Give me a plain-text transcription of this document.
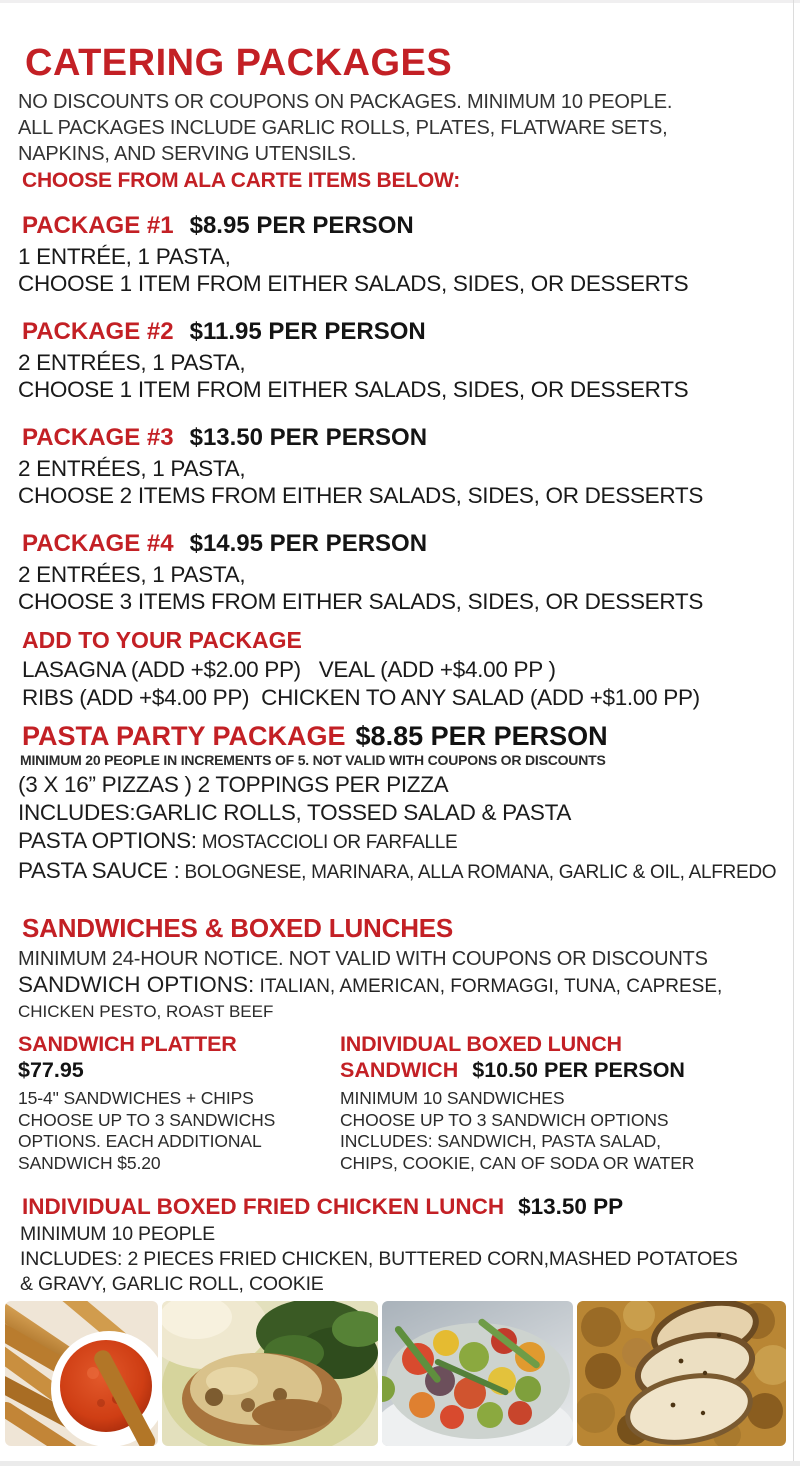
CATERING PACKAGES
NO DISCOUNTS OR COUPONS ON PACKAGES. MINIMUM 10 PEOPLE.
ALL PACKAGES INCLUDE GARLIC ROLLS, PLATES, FLATWARE SETS,
NAPKINS, AND SERVING UTENSILS.
CHOOSE FROM ALA CARTE ITEMS BELOW:
PACKAGE #1 $8.95 PER PERSON
1 ENTRÉE, 1 PASTA,
CHOOSE 1 ITEM FROM EITHER SALADS, SIDES, OR DESSERTS
PACKAGE #2 $11.95 PER PERSON
2 ENTRÉES, 1 PASTA,
CHOOSE 1 ITEM FROM EITHER SALADS, SIDES, OR DESSERTS
PACKAGE #3 $13.50 PER PERSON
2 ENTRÉES, 1 PASTA,
CHOOSE 2 ITEMS FROM EITHER SALADS, SIDES, OR DESSERTS
PACKAGE #4 $14.95 PER PERSON
2 ENTRÉES, 1 PASTA,
CHOOSE 3 ITEMS FROM EITHER SALADS, SIDES, OR DESSERTS
ADD TO YOUR PACKAGE
LASAGNA (ADD +$2.00 PP)   VEAL (ADD +$4.00 PP )
RIBS (ADD +$4.00 PP)  CHICKEN TO ANY SALAD (ADD +$1.00 PP)
PASTA PARTY PACKAGE $8.85 PER PERSON
MINIMUM 20 PEOPLE IN INCREMENTS OF 5. NOT VALID WITH COUPONS OR DISCOUNTS
(3 X 16” PIZZAS ) 2 TOPPINGS PER PIZZA
INCLUDES:GARLIC ROLLS, TOSSED SALAD & PASTA
PASTA OPTIONS: MOSTACCIOLI OR FARFALLE
PASTA SAUCE : BOLOGNESE, MARINARA, ALLA ROMANA, GARLIC & OIL, ALFREDO
SANDWICHES & BOXED LUNCHES
MINIMUM 24-HOUR NOTICE. NOT VALID WITH COUPONS OR DISCOUNTS
SANDWICH OPTIONS: ITALIAN, AMERICAN, FORMAGGI, TUNA, CAPRESE,
CHICKEN PESTO, ROAST BEEF
SANDWICH PLATTER
$77.95
15-4" SANDWICHES + CHIPS
CHOOSE UP TO 3 SANDWICHS
OPTIONS. EACH ADDITIONAL
SANDWICH $5.20
INDIVIDUAL BOXED LUNCH
SANDWICH $10.50 PER PERSON
MINIMUM 10 SANDWICHES
CHOOSE UP TO 3 SANDWICH OPTIONS
INCLUDES: SANDWICH, PASTA SALAD,
CHIPS, COOKIE, CAN OF SODA OR WATER
INDIVIDUAL BOXED FRIED CHICKEN LUNCH $13.50 PP
MINIMUM 10 PEOPLE
INCLUDES: 2 PIECES FRIED CHICKEN, BUTTERED CORN,MASHED POTATOES
& GRAVY, GARLIC ROLL, COOKIE
